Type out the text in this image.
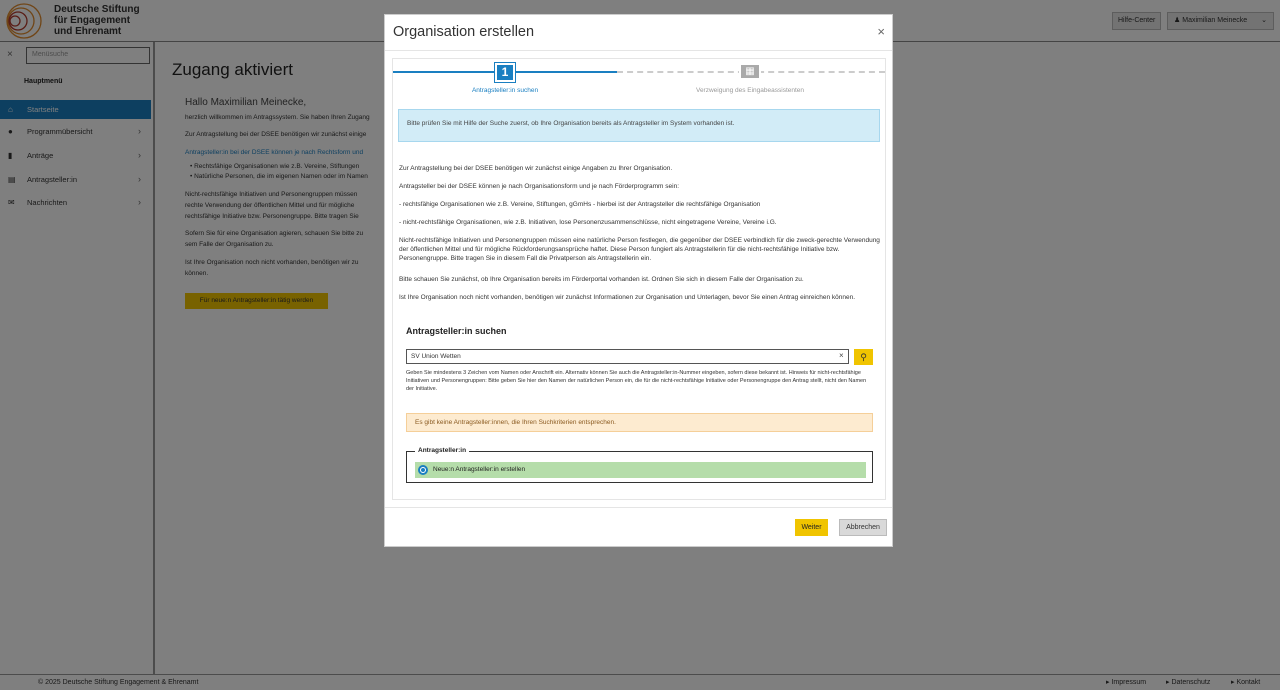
Organisation erstellen	×
1	▦
Antragsteller:in suchen	Verzweigung des Eingabeassistenten
Bitte prüfen Sie mit Hilfe der Suche zuerst, ob Ihre Organisation bereits als Antragsteller im System vorhanden ist.
Zur Antragstellung bei der DSEE benötigen wir zunächst einige Angaben zu Ihrer Organisation.
Antragsteller bei der DSEE können je nach Organisationsform und je nach Förderprogramm sein:
- rechtsfähige Organisationen wie z.B. Vereine, Stiftungen, gGmHs - hierbei ist der Antragsteller die rechtsfähige Organisation
- nicht-rechtsfähige Organisationen, wie z.B. Initiativen, lose Personenzusammenschlüsse, nicht eingetragene Vereine, Vereine i.G.
Nicht-rechtsfähige Initiativen und Personengruppen müssen eine natürliche Person festlegen, die gegenüber der DSEE verbindlich für die zweck-gerechte Verwendung der öffentlichen Mittel und für mögliche Rückforderungsansprüche haftet. Diese Person fungiert als Antragstellerin für die nicht-rechtsfähige Initiative bzw. Personengruppe. Bitte tragen Sie in diesem Fall die Privatperson als Antragstellerin ein.
Bitte schauen Sie zunächst, ob Ihre Organisation bereits im Förderportal vorhanden ist. Ordnen Sie sich in diesem Falle der Organisation zu.
Ist Ihre Organisation noch nicht vorhanden, benötigen wir zunächst Informationen zur Organisation und Unterlagen, bevor Sie einen Antrag einreichen können.
Antragsteller:in suchen
SV Union Wetten	×	⚲
Geben Sie mindestens 3 Zeichen vom Namen oder Anschrift ein. Alternativ können Sie auch die Antragsteller:in-Nummer eingeben, sofern diese bekannt ist. Hinweis für nicht-rechtsfähige Initiativen und Personengruppen: Bitte geben Sie hier den Namen der natürlichen Person ein, die für die nicht-rechtsfähige Initiative oder Personengruppe den Antrag stellt, nicht den Namen der Initiative.
Es gibt keine Antragsteller:innen, die Ihren Suchkriterien entsprechen.
Antragsteller:in
Neue:n Antragsteller:in erstellen
Weiter	Abbrechen
